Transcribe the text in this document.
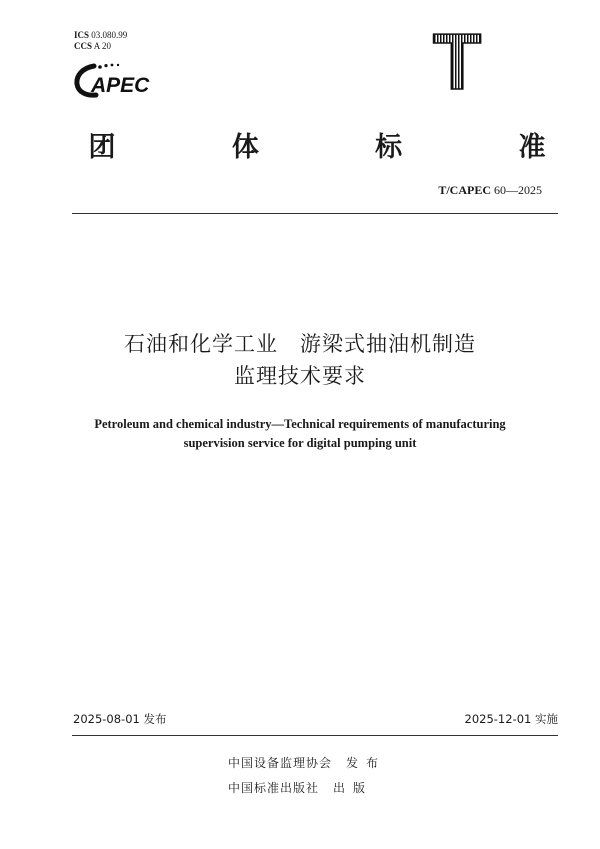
ICS 03.080.99
CCS A 20
APEC	T
团	体	标	准
T/CAPEC 60—2025
石油和化学工业　游梁式抽油机制造
监理技术要求
Petroleum and chemical industry—Technical requirements of manufacturing
supervision service for digital pumping unit
2025-08-01 发布	2025-12-01 实施
中国设备监理协会 发布
中国标准出版社 出版
